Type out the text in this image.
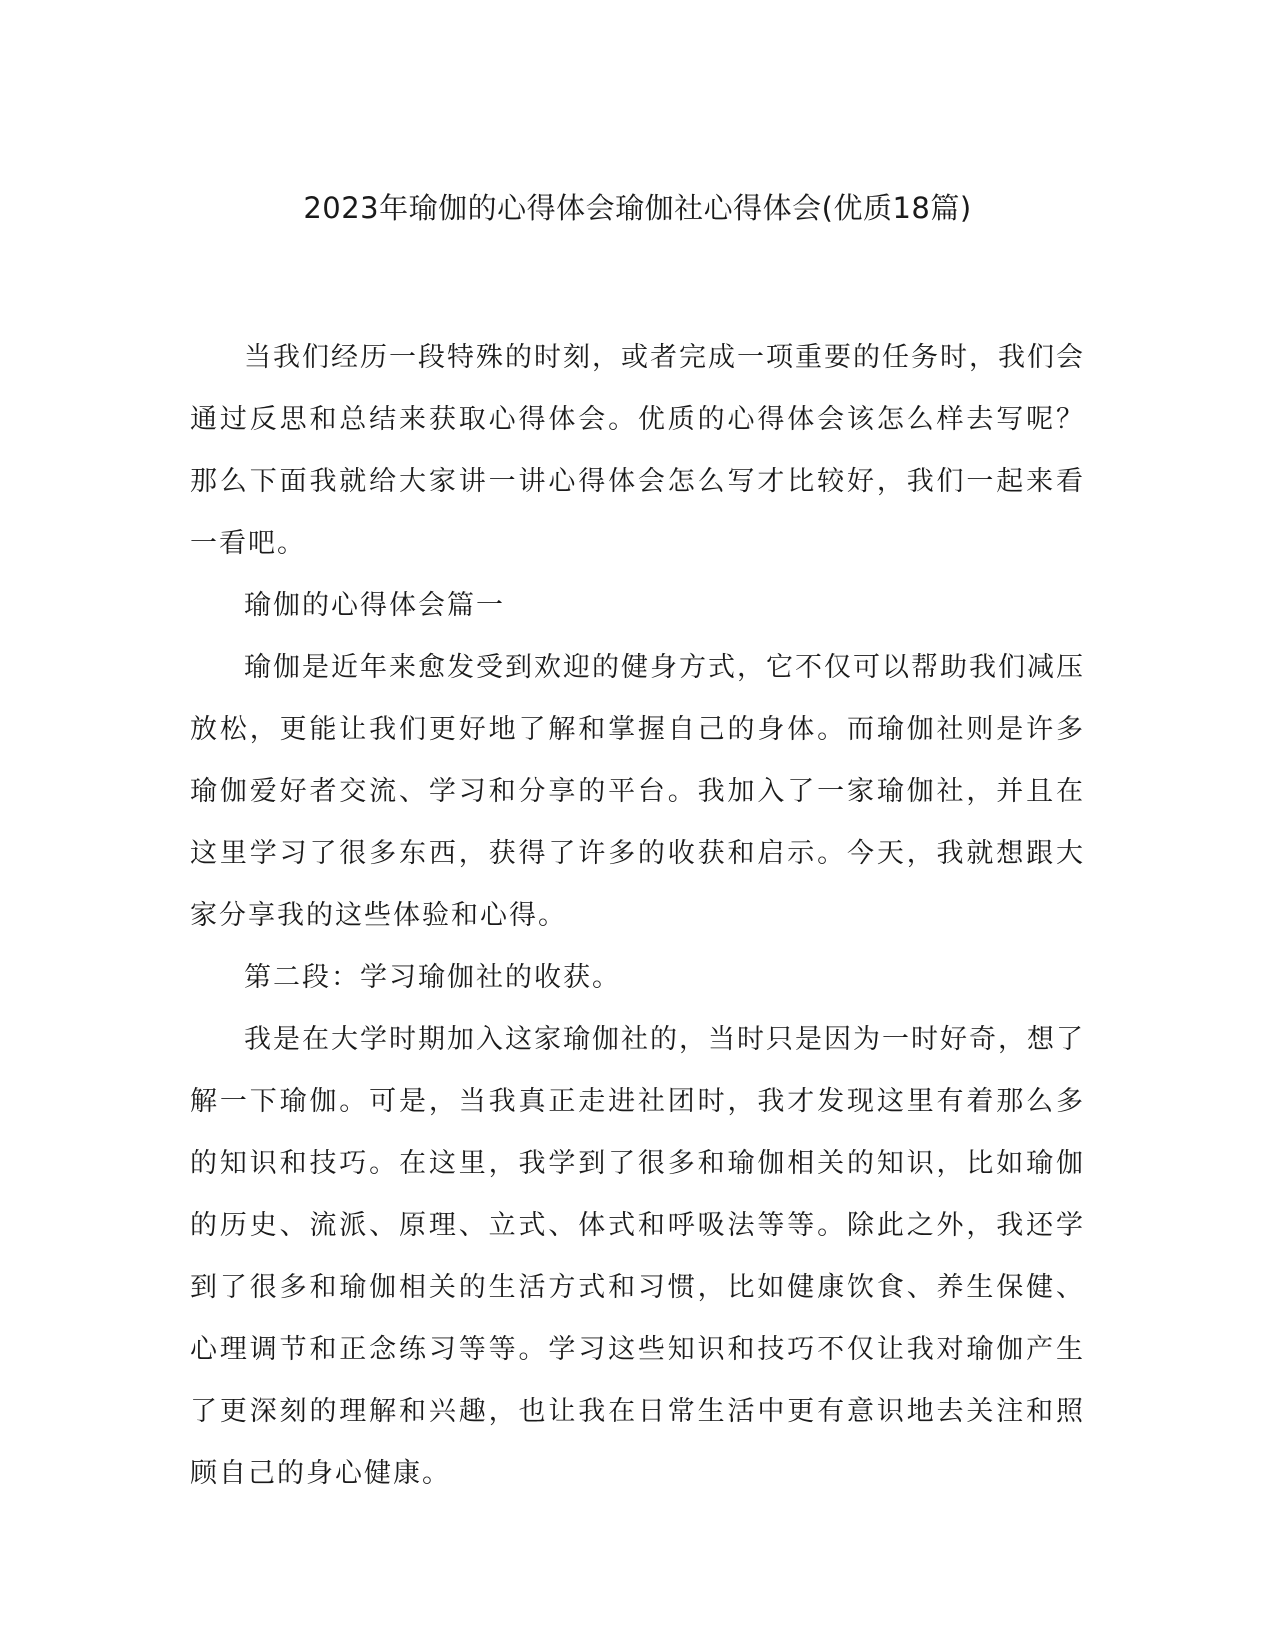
2023年瑜伽的心得体会瑜伽社心得体会(优质18篇)

当我们经历一段特殊的时刻，或者完成一项重要的任务时，我们会通过反思和总结来获取心得体会。优质的心得体会该怎么样去写呢？那么下面我就给大家讲一讲心得体会怎么写才比较好，我们一起来看一看吧。

瑜伽的心得体会篇一

瑜伽是近年来愈发受到欢迎的健身方式，它不仅可以帮助我们减压放松，更能让我们更好地了解和掌握自己的身体。而瑜伽社则是许多瑜伽爱好者交流、学习和分享的平台。我加入了一家瑜伽社，并且在这里学习了很多东西，获得了许多的收获和启示。今天，我就想跟大家分享我的这些体验和心得。

第二段：学习瑜伽社的收获。

我是在大学时期加入这家瑜伽社的，当时只是因为一时好奇，想了解一下瑜伽。可是，当我真正走进社团时，我才发现这里有着那么多的知识和技巧。在这里，我学到了很多和瑜伽相关的知识，比如瑜伽的历史、流派、原理、立式、体式和呼吸法等等。除此之外，我还学到了很多和瑜伽相关的生活方式和习惯，比如健康饮食、养生保健、心理调节和正念练习等等。学习这些知识和技巧不仅让我对瑜伽产生了更深刻的理解和兴趣，也让我在日常生活中更有意识地去关注和照顾自己的身心健康。
